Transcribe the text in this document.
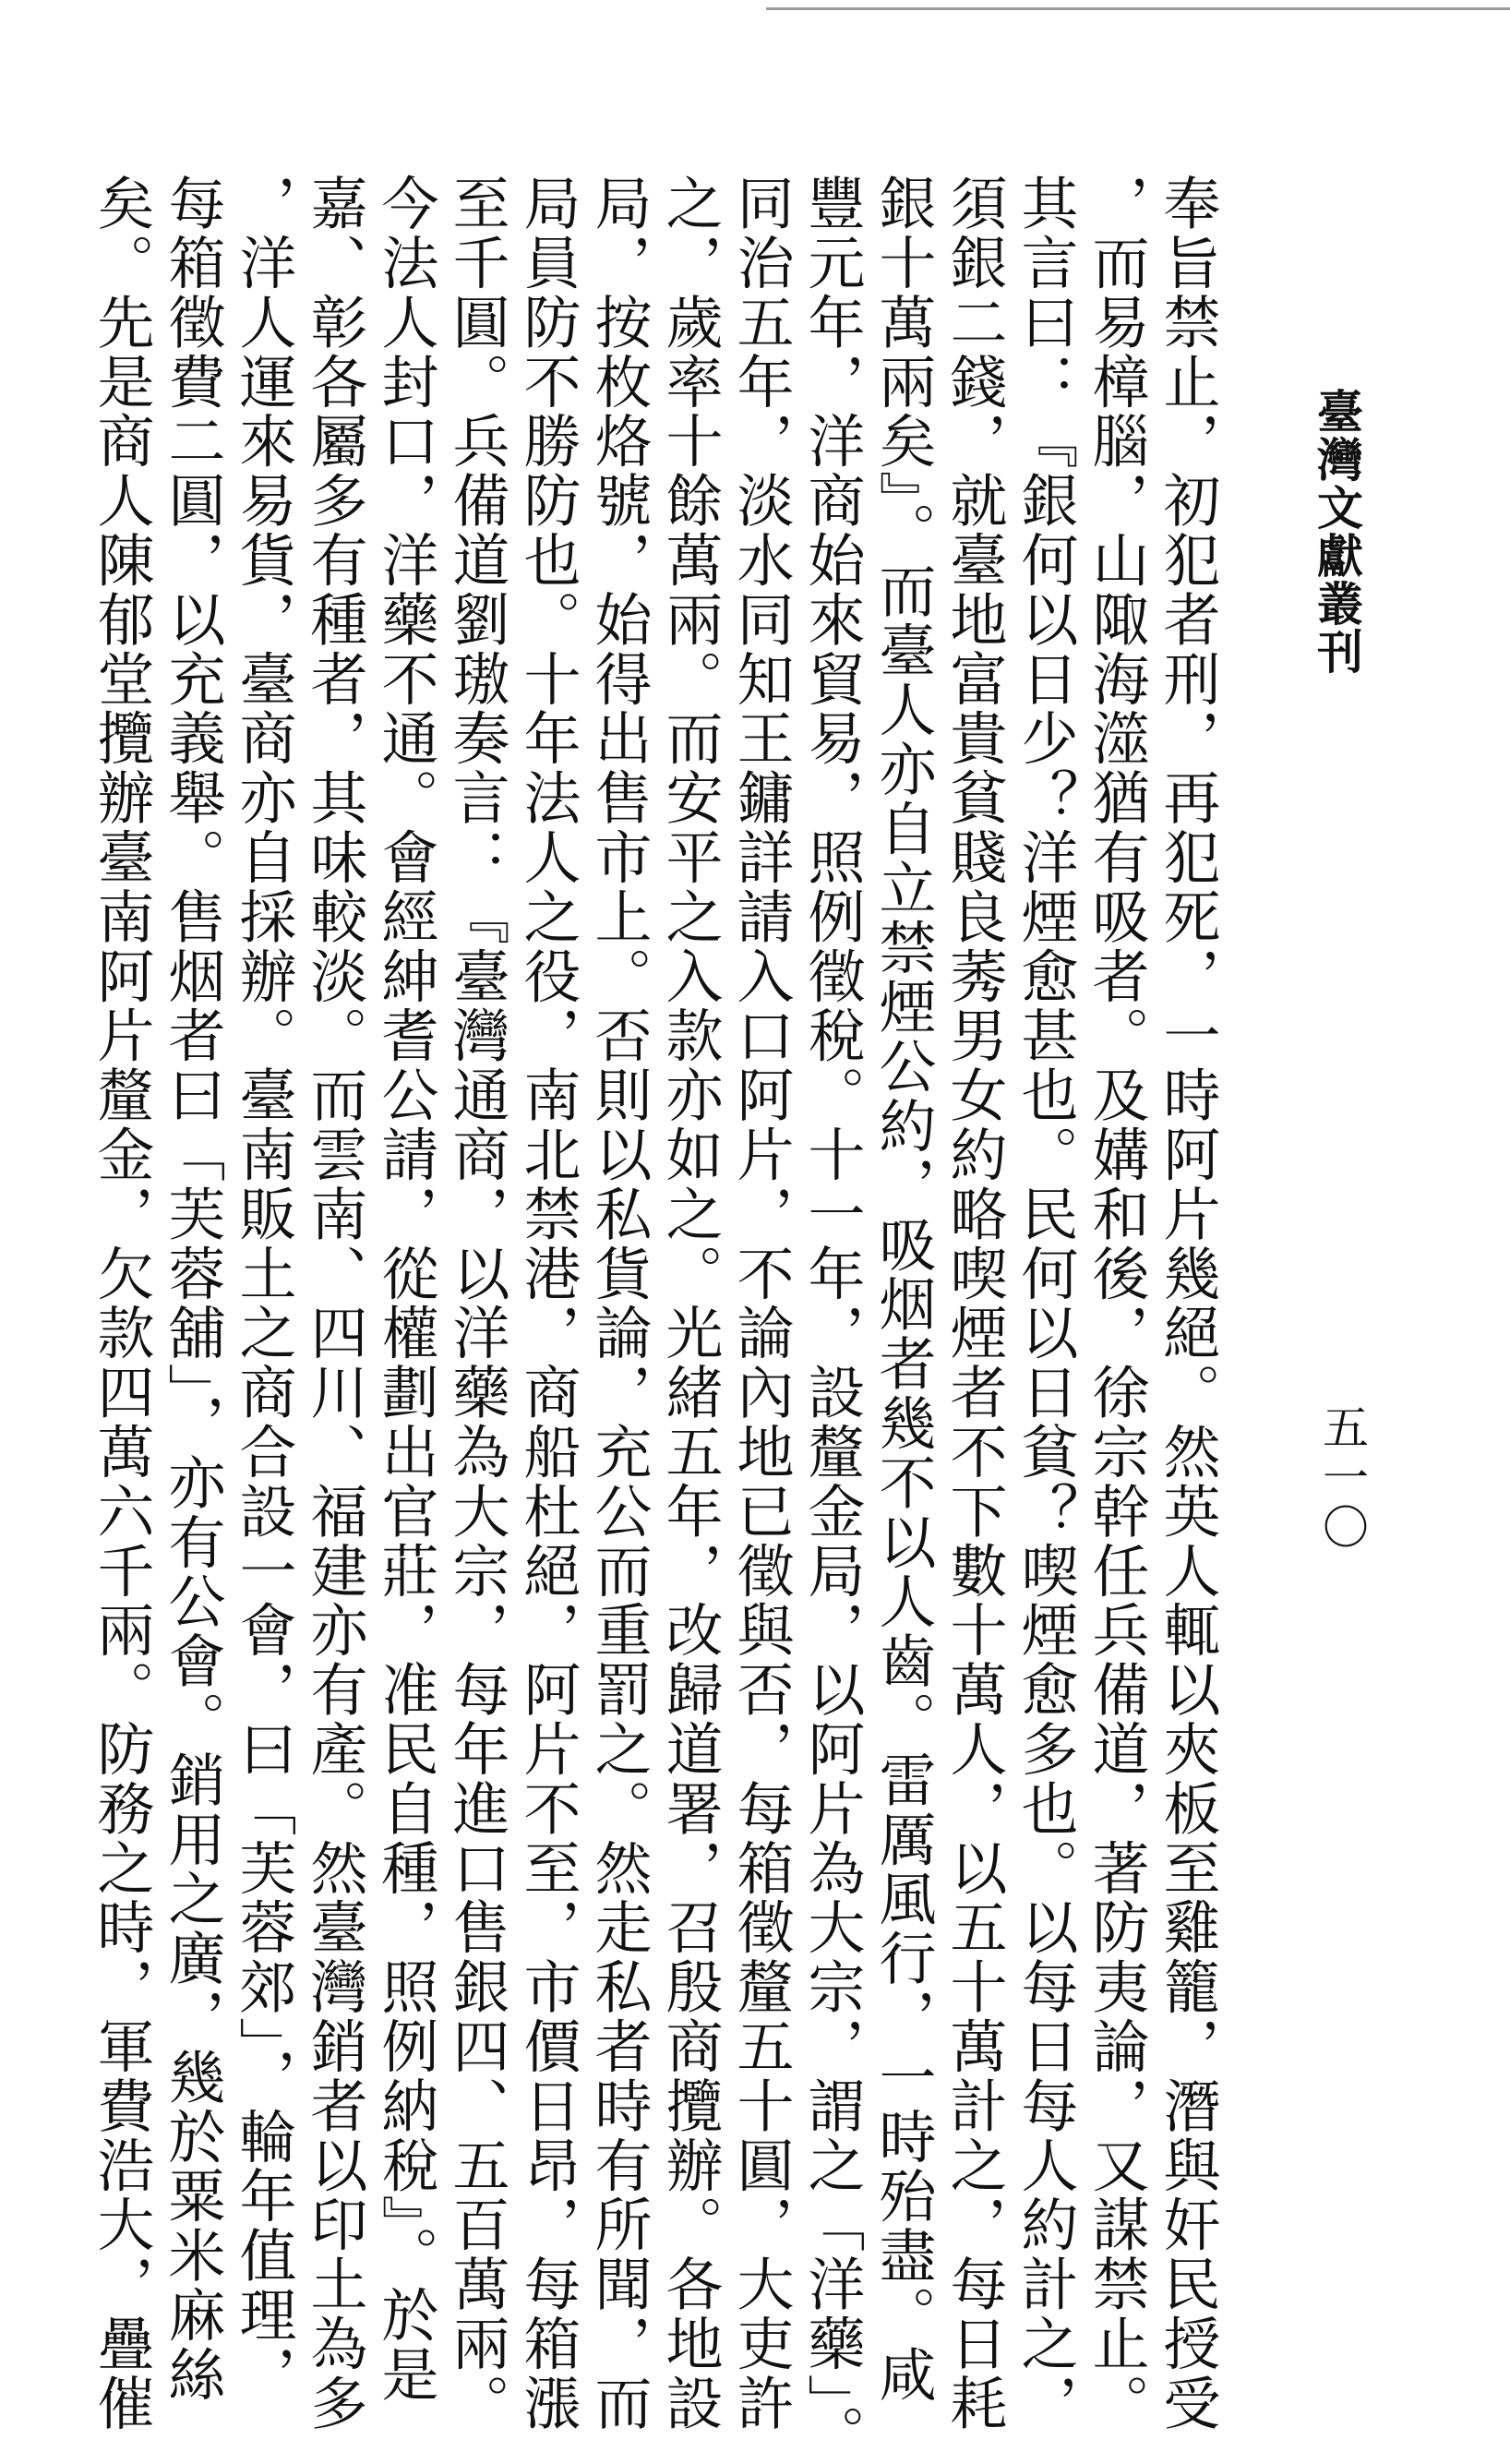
臺灣文獻叢刊
五一〇
奉旨禁止，初犯者刑，再犯死，一時阿片幾絕。然英人輒以夾板至雞籠，潛與奸民授受
，而易樟腦，山陬海澨猶有吸者。及媾和後，徐宗幹任兵備道，著防夷論，又謀禁止。
其言曰：『銀何以日少？洋煙愈甚也。民何以日貧？喫煙愈多也。以每日每人約計之，
須銀二錢，就臺地富貴貧賤良莠男女約略喫煙者不下數十萬人，以五十萬計之，每日耗
銀十萬兩矣』。而臺人亦自立禁煙公約，吸烟者幾不以人齒。雷厲風行，一時殆盡。咸
豐元年，洋商始來貿易，照例徵稅。十一年，設釐金局，以阿片為大宗，謂之「洋藥」。
同治五年，淡水同知王鏞詳請入口阿片，不論內地已徵與否，每箱徵釐五十圓，大吏許
之，歲率十餘萬兩。而安平之入款亦如之。光緒五年，改歸道署，召殷商攬辦。各地設
局，按枚烙號，始得出售市上。否則以私貨論，充公而重罰之。然走私者時有所聞，而
局員防不勝防也。十年法人之役，南北禁港，商船杜絕，阿片不至，市價日昂，每箱漲
至千圓。兵備道劉璈奏言：『臺灣通商，以洋藥為大宗，每年進口售銀四、五百萬兩。
今法人封口，洋藥不通。會經紳耆公請，從權劃出官莊，准民自種，照例納稅』。於是
嘉、彰各屬多有種者，其味較淡。而雲南、四川、福建亦有產。然臺灣銷者以印土為多
，洋人運來易貨，臺商亦自採辦。臺南販土之商合設一會，曰「芙蓉郊」，輪年值理，
每箱徵費二圓，以充義舉。售烟者曰「芙蓉舖」，亦有公會。銷用之廣，幾於粟米麻絲
矣。先是商人陳郁堂攬辦臺南阿片釐金，欠款四萬六千兩。防務之時，軍費浩大，疊催
